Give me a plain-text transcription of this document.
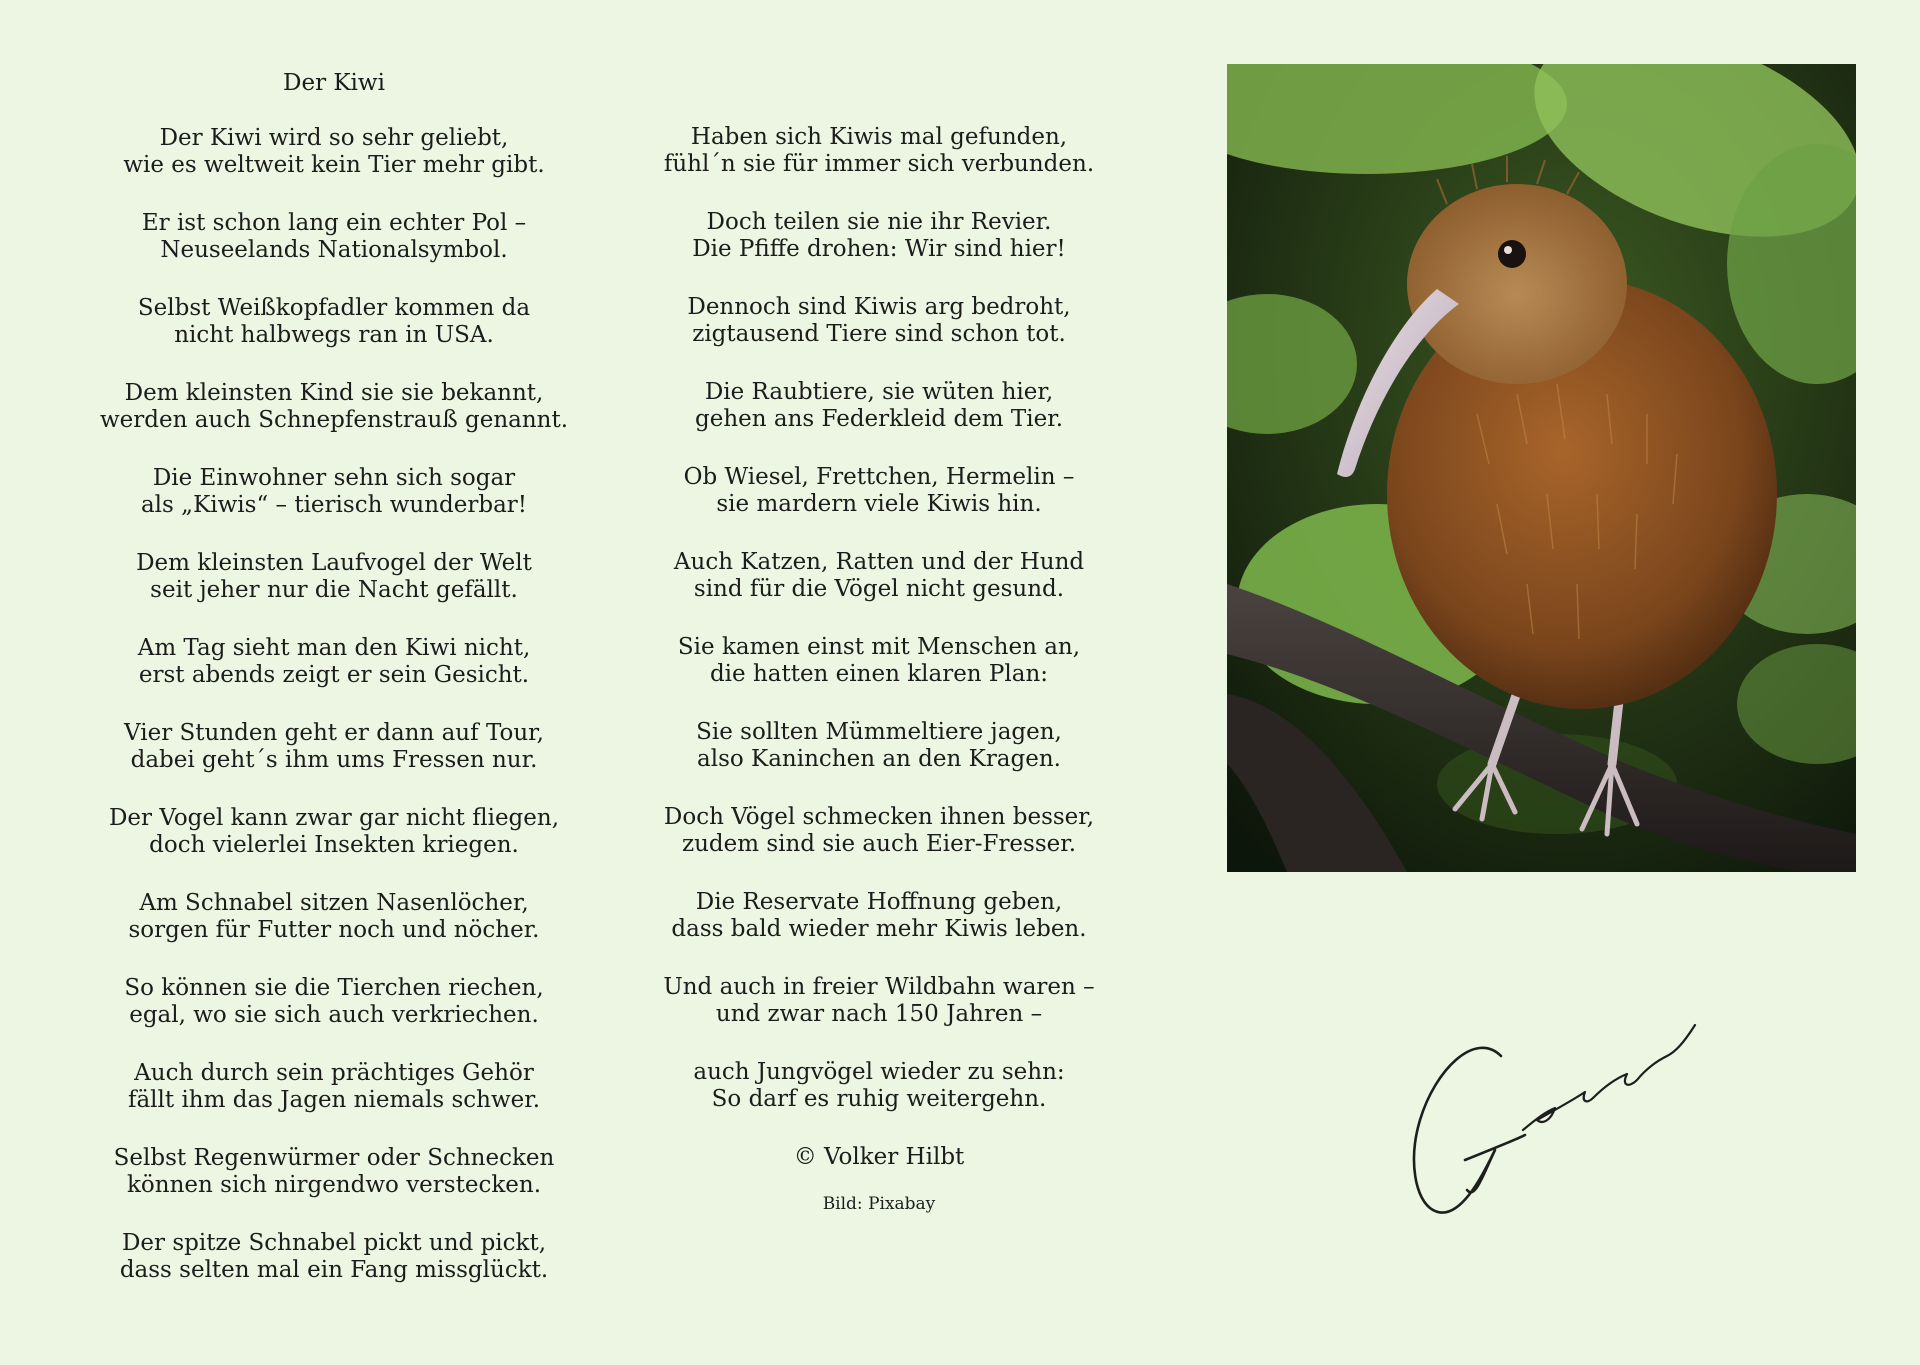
Der Kiwi
Der Kiwi wird so sehr geliebt,
wie es weltweit kein Tier mehr gibt.
Er ist schon lang ein echter Pol –
Neuseelands Nationalsymbol.
Selbst Weißkopfadler kommen da
nicht halbwegs ran in USA.
Dem kleinsten Kind sie sie bekannt,
werden auch Schnepfenstrauß genannt.
Die Einwohner sehn sich sogar
als „Kiwis“ – tierisch wunderbar!
Dem kleinsten Laufvogel der Welt
seit jeher nur die Nacht gefällt.
Am Tag sieht man den Kiwi nicht,
erst abends zeigt er sein Gesicht.
Vier Stunden geht er dann auf Tour,
dabei geht´s ihm ums Fressen nur.
Der Vogel kann zwar gar nicht fliegen,
doch vielerlei Insekten kriegen.
Am Schnabel sitzen Nasenlöcher,
sorgen für Futter noch und nöcher.
So können sie die Tierchen riechen,
egal, wo sie sich auch verkriechen.
Auch durch sein prächtiges Gehör
fällt ihm das Jagen niemals schwer.
Selbst Regenwürmer oder Schnecken
können sich nirgendwo verstecken.
Der spitze Schnabel pickt und pickt,
dass selten mal ein Fang missglückt.
Haben sich Kiwis mal gefunden,
fühl´n sie für immer sich verbunden.
Doch teilen sie nie ihr Revier.
Die Pfiffe drohen: Wir sind hier!
Dennoch sind Kiwis arg bedroht,
zigtausend Tiere sind schon tot.
Die Raubtiere, sie wüten hier,
gehen ans Federkleid dem Tier.
Ob Wiesel, Frettchen, Hermelin –
sie mardern viele Kiwis hin.
Auch Katzen, Ratten und der Hund
sind für die Vögel nicht gesund.
Sie kamen einst mit Menschen an,
die hatten einen klaren Plan:
Sie sollten Mümmeltiere jagen,
also Kaninchen an den Kragen.
Doch Vögel schmecken ihnen besser,
zudem sind sie auch Eier-Fresser.
Die Reservate Hoffnung geben,
dass bald wieder mehr Kiwis leben.
Und auch in freier Wildbahn waren –
und zwar nach 150 Jahren –
auch Jungvögel wieder zu sehn:
So darf es ruhig weitergehn.
© Volker Hilbt
Bild: Pixabay
